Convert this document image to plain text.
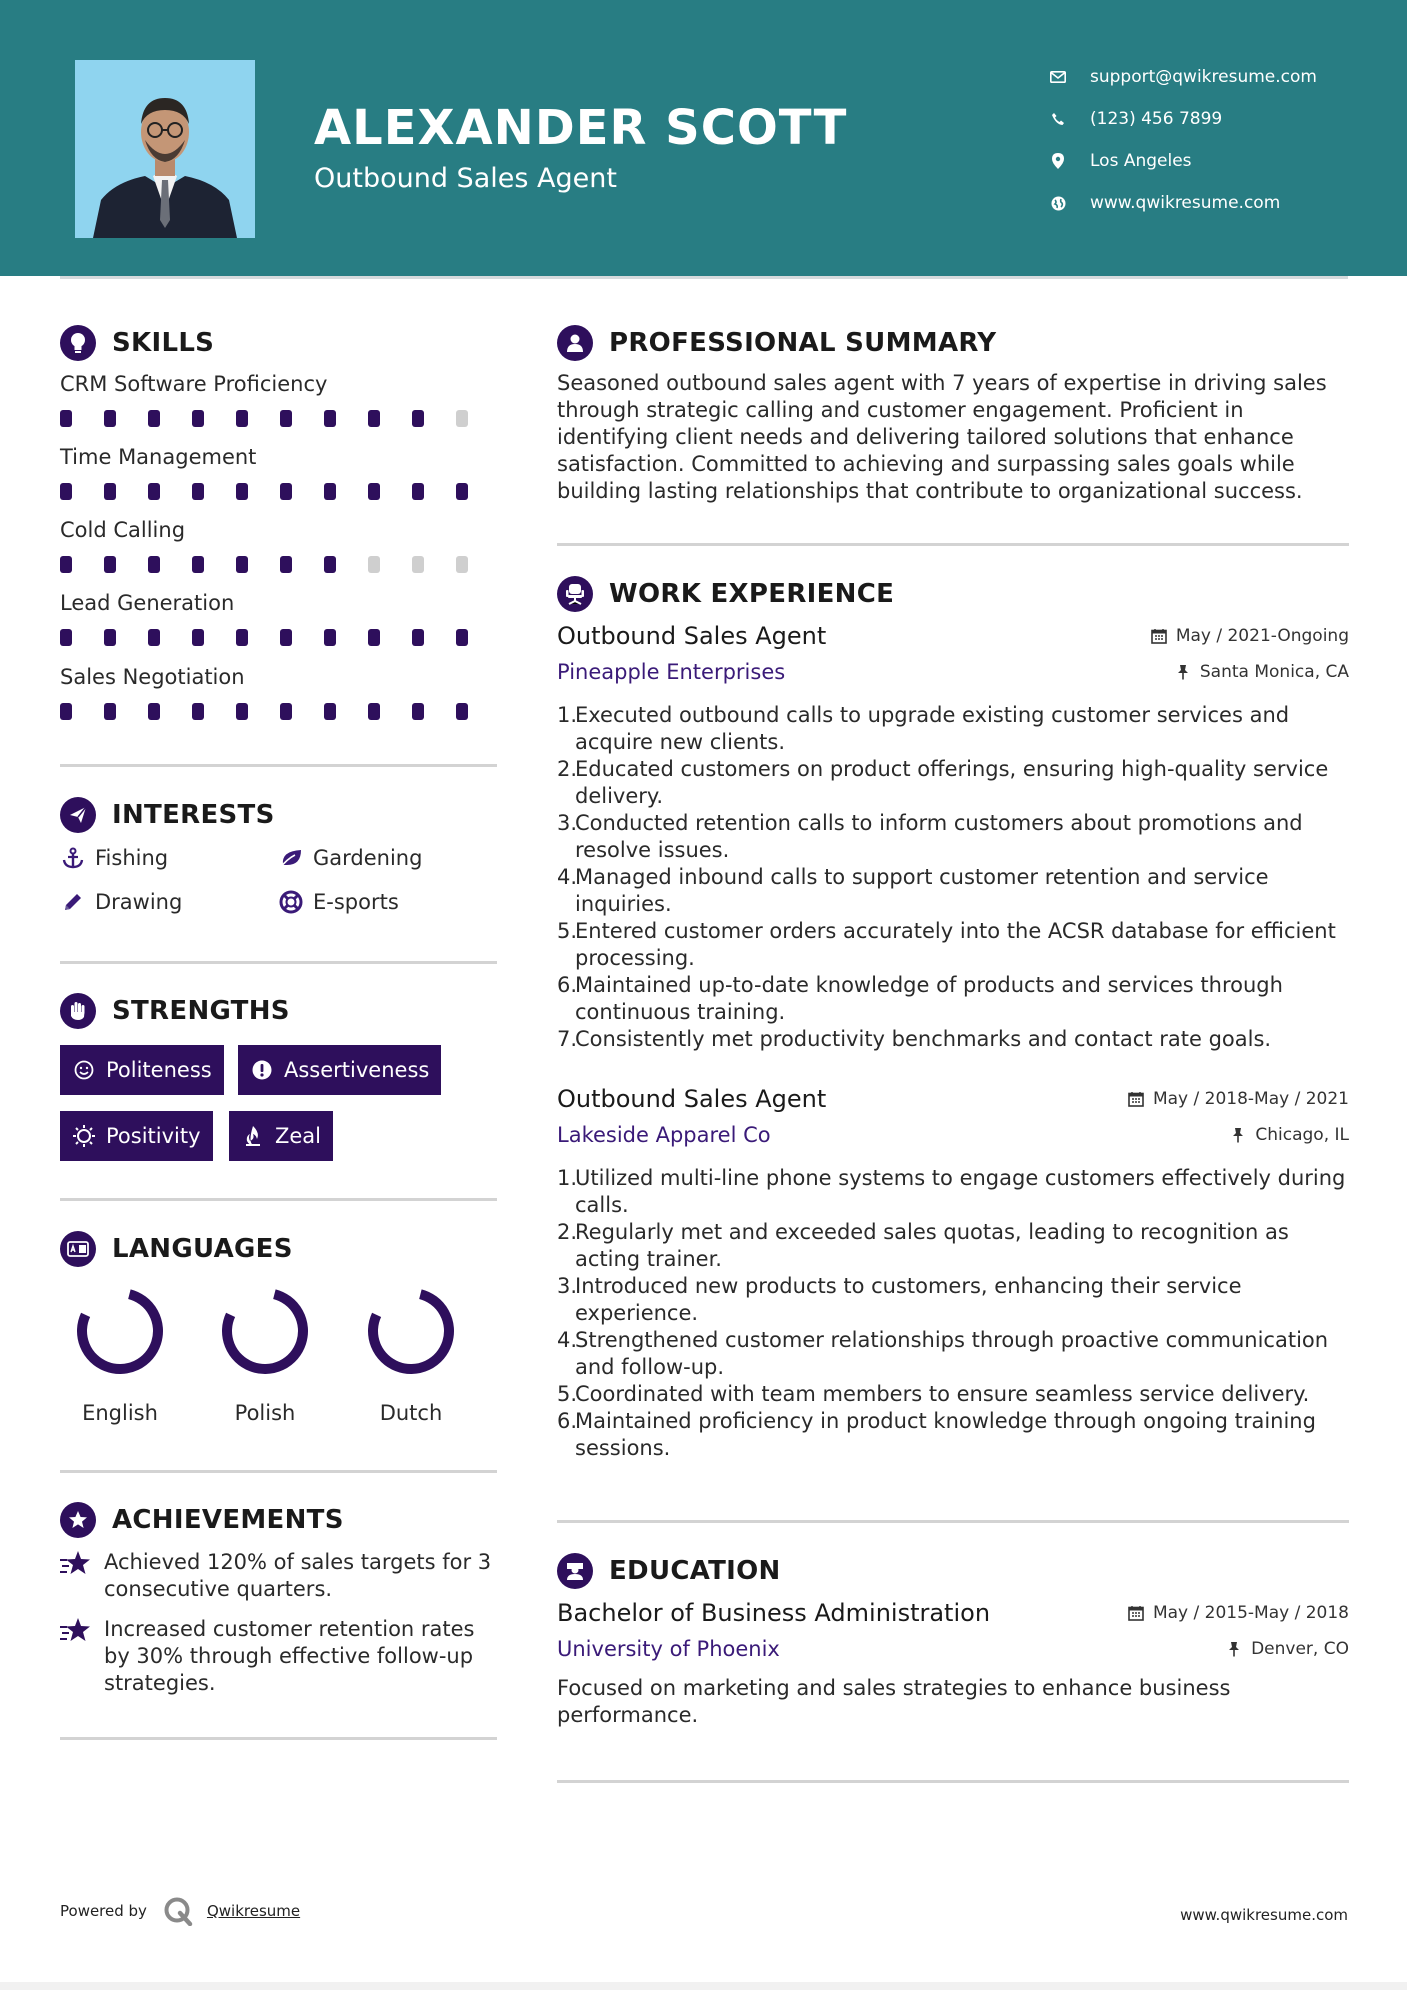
ALEXANDER SCOTT
Outbound Sales Agent
support@qwikresume.com
(123) 456 7899
Los Angeles
www.qwikresume.com
SKILLS
CRM Software Proficiency
Time Management
Cold Calling
Lead Generation
Sales Negotiation
INTERESTS
Fishing	Gardening
Drawing	E-sports
STRENGTHS
Politeness	Assertiveness
Positivity	Zeal
LANGUAGES
English	Polish	Dutch
ACHIEVEMENTS
Achieved 120% of sales targets for 3 consecutive quarters.
Increased customer retention rates by 30% through effective follow-up strategies.
PROFESSIONAL SUMMARY
Seasoned outbound sales agent with 7 years of expertise in driving sales through strategic calling and customer engagement. Proficient in identifying client needs and delivering tailored solutions that enhance satisfaction. Committed to achieving and surpassing sales goals while building lasting relationships that contribute to organizational success.
WORK EXPERIENCE
Outbound Sales Agent	May / 2021-Ongoing
Pineapple Enterprises	Santa Monica, CA
1.
Executed outbound calls to upgrade existing customer services and acquire new clients.
2.
Educated customers on product offerings, ensuring high-quality service delivery.
3.
Conducted retention calls to inform customers about promotions and resolve issues.
4.
Managed inbound calls to support customer retention and service inquiries.
5.
Entered customer orders accurately into the ACSR database for efficient processing.
6.
Maintained up-to-date knowledge of products and services through continuous training.
7.
Consistently met productivity benchmarks and contact rate goals.
Outbound Sales Agent	May / 2018-May / 2021
Lakeside Apparel Co	Chicago, IL
1.
Utilized multi-line phone systems to engage customers effectively during calls.
2.
Regularly met and exceeded sales quotas, leading to recognition as acting trainer.
3.
Introduced new products to customers, enhancing their service experience.
4.
Strengthened customer relationships through proactive communication and follow-up.
5.
Coordinated with team members to ensure seamless service delivery.
6.
Maintained proficiency in product knowledge through ongoing training sessions.
EDUCATION
Bachelor of Business Administration	May / 2015-May / 2018
University of Phoenix	Denver, CO
Focused on marketing and sales strategies to enhance business performance.
Powered by	Qwikresume	www.qwikresume.com
